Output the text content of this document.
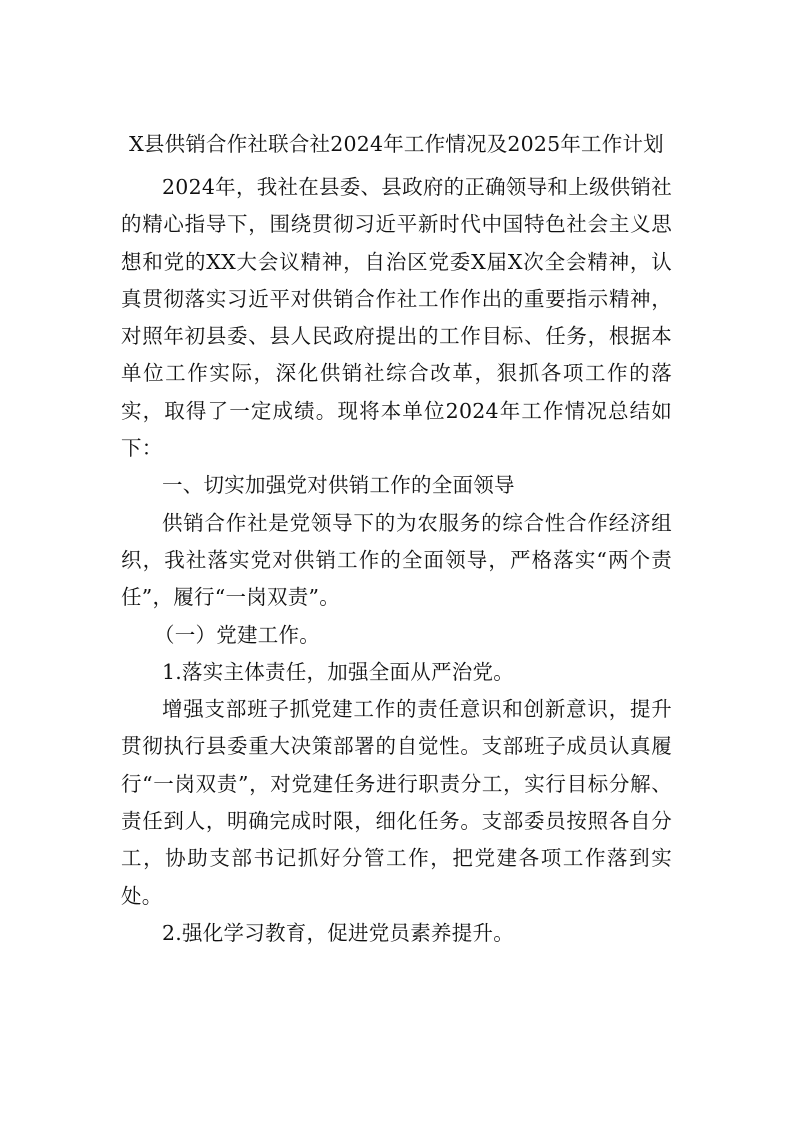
X县供销合作社联合社2024年工作情况及2025年工作计划

2024年，我社在县委、县政府的正确领导和上级供销社的精心指导下，围绕贯彻习近平新时代中国特色社会主义思想和党的XX大会议精神，自治区党委X届X次全会精神，认真贯彻落实习近平对供销合作社工作作出的重要指示精神，对照年初县委、县人民政府提出的工作目标、任务，根据本单位工作实际，深化供销社综合改革，狠抓各项工作的落实，取得了一定成绩。现将本单位2024年工作情况总结如下：

一、切实加强党对供销工作的全面领导

供销合作社是党领导下的为农服务的综合性合作经济组织，我社落实党对供销工作的全面领导，严格落实“两个责任”，履行“一岗双责”。

（一）党建工作。

1.落实主体责任，加强全面从严治党。

增强支部班子抓党建工作的责任意识和创新意识，提升贯彻执行县委重大决策部署的自觉性。支部班子成员认真履行“一岗双责”，对党建任务进行职责分工，实行目标分解、责任到人，明确完成时限，细化任务。支部委员按照各自分工，协助支部书记抓好分管工作，把党建各项工作落到实处。

2.强化学习教育，促进党员素养提升。
